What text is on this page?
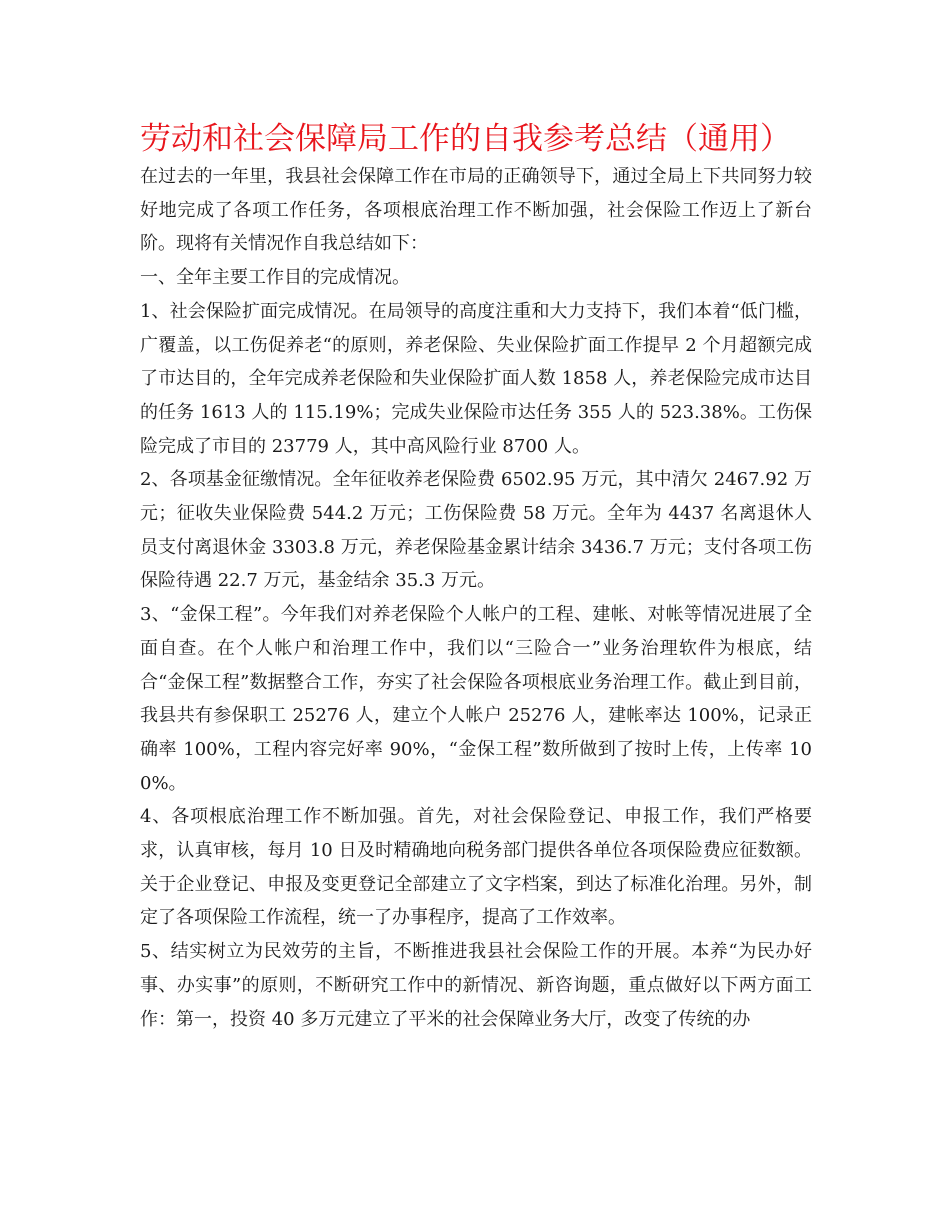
劳动和社会保障局工作的自我参考总结（通用）

在过去的一年里，我县社会保障工作在市局的正确领导下，通过全局上下共同努力较好地完成了各项工作任务，各项根底治理工作不断加强，社会保险工作迈上了新台阶。现将有关情况作自我总结如下：

一、全年主要工作目的完成情况。

1、社会保险扩面完成情况。在局领导的高度注重和大力支持下，我们本着“低门槛，广覆盖，以工伤促养老“的原则，养老保险、失业保险扩面工作提早 2 个月超额完成了市达目的，全年完成养老保险和失业保险扩面人数 1858 人，养老保险完成市达目的任务 1613 人的 115.19%；完成失业保险市达任务 355 人的 523.38%。工伤保险完成了市目的 23779 人，其中高风险行业 8700 人。

2、各项基金征缴情况。全年征收养老保险费 6502.95 万元，其中清欠 2467.92 万元；征收失业保险费 544.2 万元；工伤保险费 58 万元。全年为 4437 名离退休人员支付离退休金 3303.8 万元，养老保险基金累计结余 3436.7 万元；支付各项工伤保险待遇 22.7 万元，基金结余 35.3 万元。

3、“金保工程”。今年我们对养老保险个人帐户的工程、建帐、对帐等情况进展了全面自查。在个人帐户和治理工作中，我们以“三险合一”业务治理软件为根底，结合“金保工程”数据整合工作，夯实了社会保险各项根底业务治理工作。截止到目前，我县共有参保职工 25276 人，建立个人帐户 25276 人，建帐率达 100%，记录正确率 100%，工程内容完好率 90%，“金保工程”数所做到了按时上传，上传率 100%。

4、各项根底治理工作不断加强。首先，对社会保险登记、申报工作，我们严格要求，认真审核，每月 10 日及时精确地向税务部门提供各单位各项保险费应征数额。关于企业登记、申报及变更登记全部建立了文字档案，到达了标准化治理。另外，制定了各项保险工作流程，统一了办事程序，提高了工作效率。

5、结实树立为民效劳的主旨，不断推进我县社会保险工作的开展。本养“为民办好事、办实事”的原则，不断研究工作中的新情况、新咨询题，重点做好以下两方面工作：第一，投资 40 多万元建立了平米的社会保障业务大厅，改变了传统的办
